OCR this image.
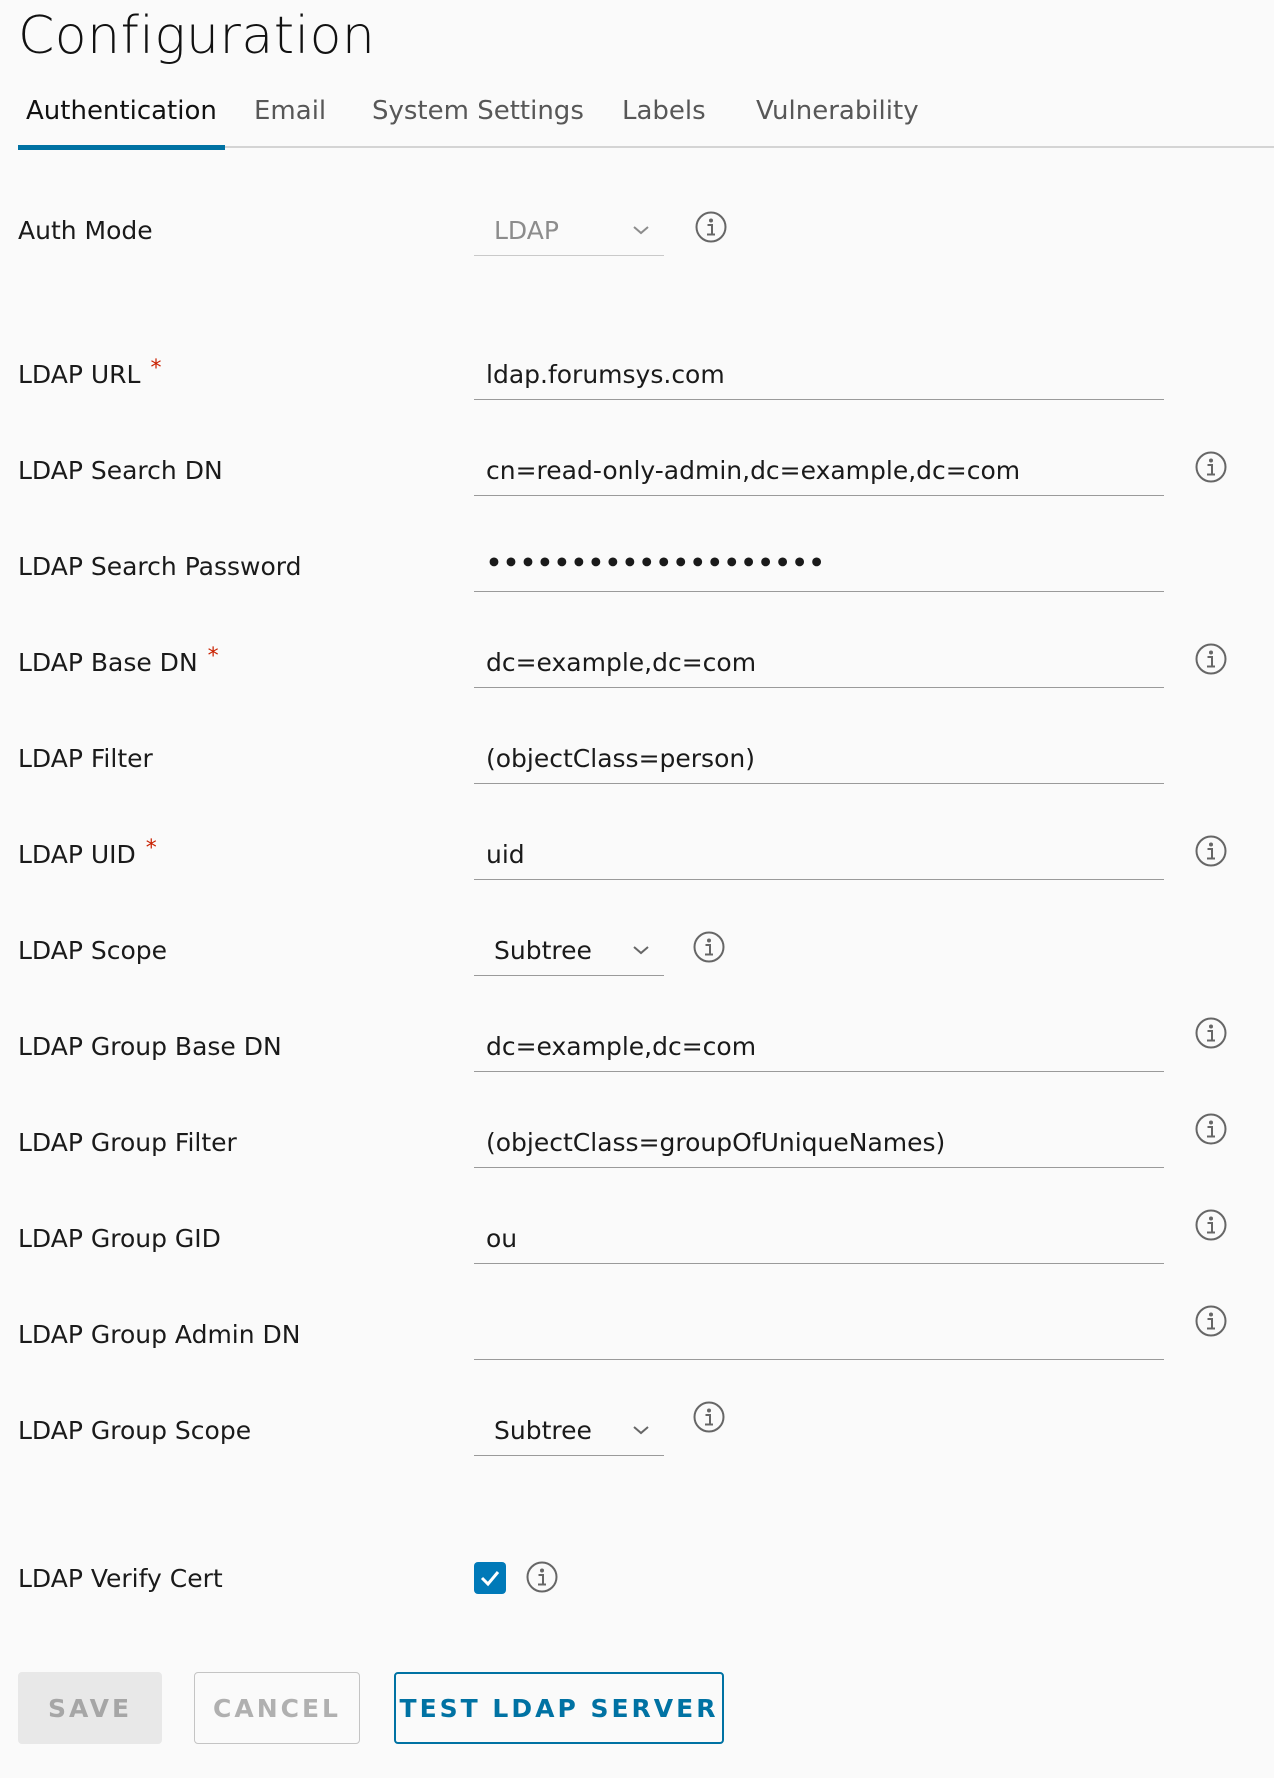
Configuration
Authentication Email System Settings Labels Vulnerability
Auth Mode	LDAP
LDAP URL *	ldap.forumsys.com
LDAP Search DN	cn=read-only-admin,dc=example,dc=com
LDAP Search Password	••••••••••••••••••••
LDAP Base DN *	dc=example,dc=com
LDAP Filter	(objectClass=person)
LDAP UID *	uid
LDAP Scope	Subtree
LDAP Group Base DN	dc=example,dc=com
LDAP Group Filter	(objectClass=groupOfUniqueNames)
LDAP Group GID	ou
LDAP Group Admin DN
LDAP Group Scope	Subtree
LDAP Verify Cert
SAVE	CANCEL	TEST LDAP SERVER
